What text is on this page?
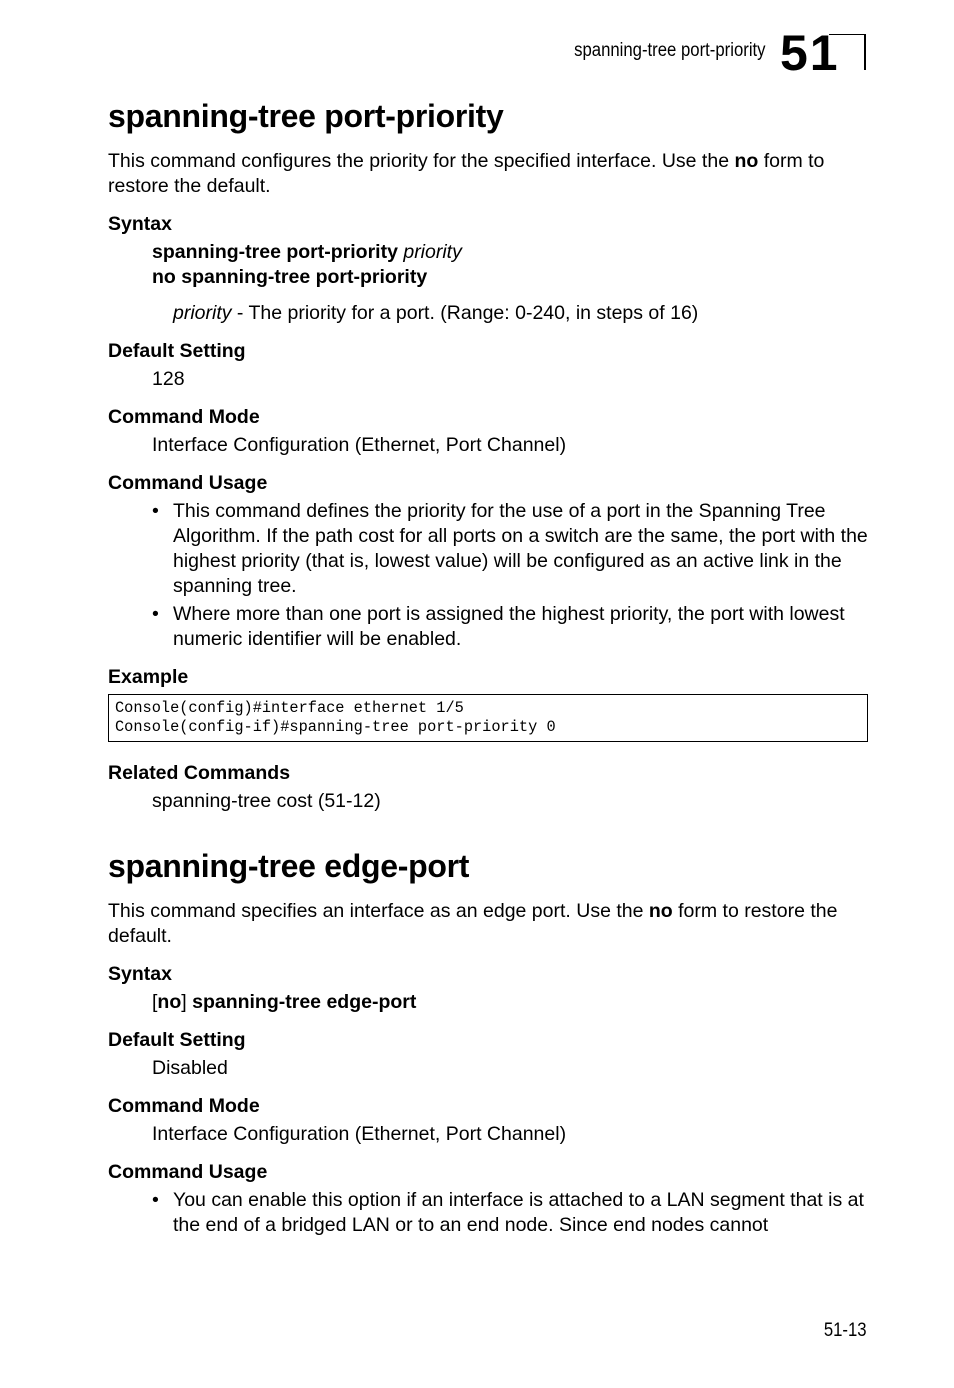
spanning-tree port-priority 51
spanning-tree port-priority

This command configures the priority for the specified interface. Use the no form to restore the default.

Syntax
spanning-tree port-priority priority
no spanning-tree port-priority
priority - The priority for a port. (Range: 0-240, in steps of 16)
Default Setting
128
Command Mode
Interface Configuration (Ethernet, Port Channel)
Command Usage
• This command defines the priority for the use of a port in the Spanning Tree Algorithm. If the path cost for all ports on a switch are the same, the port with the highest priority (that is, lowest value) will be configured as an active link in the spanning tree.
• Where more than one port is assigned the highest priority, the port with lowest numeric identifier will be enabled.
Example
Console(config)#interface ethernet 1/5
Console(config-if)#spanning-tree port-priority 0
Related Commands
spanning-tree cost (51-12)
spanning-tree edge-port

This command specifies an interface as an edge port. Use the no form to restore the default.

Syntax
[no] spanning-tree edge-port
Default Setting
Disabled
Command Mode
Interface Configuration (Ethernet, Port Channel)
Command Usage
• You can enable this option if an interface is attached to a LAN segment that is at the end of a bridged LAN or to an end node. Since end nodes cannot
51-13
